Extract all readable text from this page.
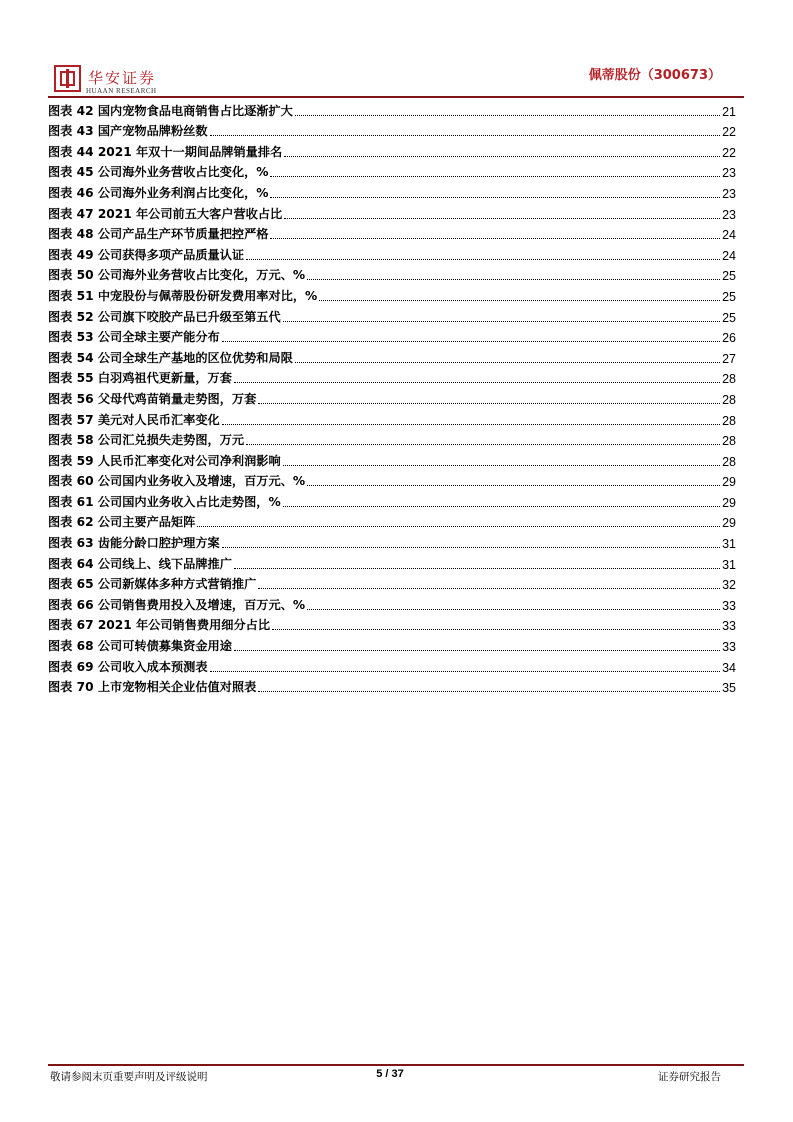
华安证券
HUAAN RESEARCH
佩蒂股份（300673）
图表 42 国内宠物食品电商销售占比逐渐扩大	21
图表 43 国产宠物品牌粉丝数	22
图表 44 2021 年双十一期间品牌销量排名	22
图表 45 公司海外业务营收占比变化，%	23
图表 46 公司海外业务利润占比变化，%	23
图表 47 2021 年公司前五大客户营收占比	23
图表 48 公司产品生产环节质量把控严格	24
图表 49 公司获得多项产品质量认证	24
图表 50 公司海外业务营收占比变化，万元、%	25
图表 51 中宠股份与佩蒂股份研发费用率对比，%	25
图表 52 公司旗下咬胶产品已升级至第五代	25
图表 53 公司全球主要产能分布	26
图表 54 公司全球生产基地的区位优势和局限	27
图表 55 白羽鸡祖代更新量，万套	28
图表 56 父母代鸡苗销量走势图，万套	28
图表 57 美元对人民币汇率变化	28
图表 58 公司汇兑损失走势图，万元	28
图表 59 人民币汇率变化对公司净利润影响	28
图表 60 公司国内业务收入及增速，百万元、%	29
图表 61 公司国内业务收入占比走势图，%	29
图表 62 公司主要产品矩阵	29
图表 63 齿能分龄口腔护理方案	31
图表 64 公司线上、线下品牌推广	31
图表 65 公司新媒体多种方式营销推广	32
图表 66 公司销售费用投入及增速，百万元、%	33
图表 67 2021 年公司销售费用细分占比	33
图表 68 公司可转债募集资金用途	33
图表 69 公司收入成本预测表	34
图表 70 上市宠物相关企业估值对照表	35
敬请参阅末页重要声明及评级说明	5 / 37	证券研究报告
